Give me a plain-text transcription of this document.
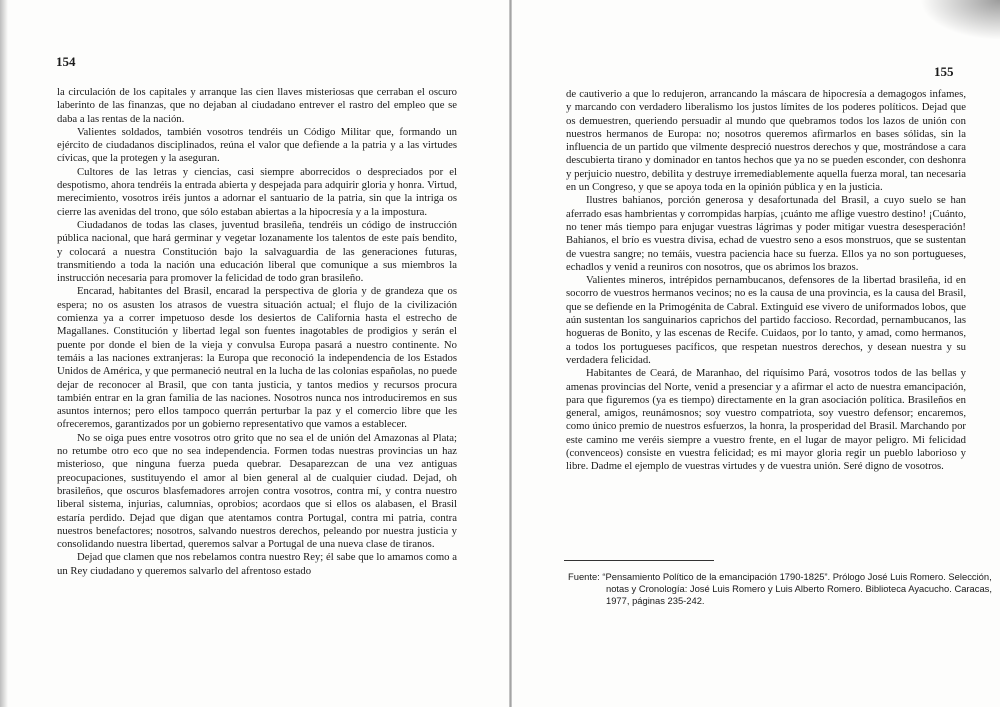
154

la circulación de los capitales y arranque las cien llaves misteriosas que cerraban el oscuro laberinto de las finanzas, que no dejaban al ciudadano entrever el rastro del empleo que se daba a las rentas de la nación.

Valientes soldados, también vosotros tendréis un Código Militar que, formando un ejército de ciudadanos disciplinados, reúna el valor que defiende a la patria y a las virtudes cívicas, que la protegen y la aseguran.

Cultores de las letras y ciencias, casi siempre aborrecidos o despreciados por el despotismo, ahora tendréis la entrada abierta y despejada para adquirir gloria y honra. Virtud, merecimiento, vosotros iréis juntos a adornar el santuario de la patria, sin que la intriga os cierre las avenidas del trono, que sólo estaban abiertas a la hipocresía y a la impostura.

Ciudadanos de todas las clases, juventud brasileña, tendréis un código de instrucción pública nacional, que hará germinar y vegetar lozanamente los talentos de este país bendito, y colocará a nuestra Constitución bajo la salvaguardia de las generaciones futuras, transmitiendo a toda la nación una educación liberal que comunique a sus miembros la instrucción necesaria para promover la felicidad de todo gran brasileño.

Encarad, habitantes del Brasil, encarad la perspectiva de gloria y de grandeza que os espera; no os asusten los atrasos de vuestra situación actual; el flujo de la civilización comienza ya a correr impetuoso desde los desiertos de California hasta el estrecho de Magallanes. Constitución y libertad legal son fuentes inagotables de prodigios y serán el puente por donde el bien de la vieja y convulsa Europa pasará a nuestro continente. No temáis a las naciones extranjeras: la Europa que reconoció la independencia de los Estados Unidos de América, y que permaneció neutral en la lucha de las colonias españolas, no puede dejar de reconocer al Brasil, que con tanta justicia, y tantos medios y recursos procura también entrar en la gran familia de las naciones. Nosotros nunca nos introduciremos en sus asuntos internos; pero ellos tampoco querrán perturbar la paz y el comercio libre que les ofreceremos, garantizados por un gobierno representativo que vamos a establecer.

No se oiga pues entre vosotros otro grito que no sea el de unión del Amazonas al Plata; no retumbe otro eco que no sea independencia. Formen todas nuestras provincias un haz misterioso, que ninguna fuerza pueda quebrar. Desaparezcan de una vez antiguas preocupaciones, sustituyendo el amor al bien general al de cualquier ciudad. Dejad, oh brasileños, que oscuros blasfemadores arrojen contra vosotros, contra mí, y contra nuestro liberal sistema, injurias, calumnias, oprobios; acordaos que si ellos os alabasen, el Brasil estaría perdido. Dejad que digan que atentamos contra Portugal, contra mi patria, contra nuestros benefactores; nosotros, salvando nuestros derechos, peleando por nuestra justicia y consolidando nuestra libertad, queremos salvar a Portugal de una nueva clase de tiranos.

Dejad que clamen que nos rebelamos contra nuestro Rey; él sabe que lo amamos como a un Rey ciudadano y queremos salvarlo del afrentoso estado

155

de cautiverio a que lo redujeron, arrancando la máscara de hipocresía a demagogos infames, y marcando con verdadero liberalismo los justos límites de los poderes políticos. Dejad que os demuestren, queriendo persuadir al mundo que quebramos todos los lazos de unión con nuestros hermanos de Europa: no; nosotros queremos afirmarlos en bases sólidas, sin la influencia de un partido que vilmente despreció nuestros derechos y que, mostrándose a cara descubierta tirano y dominador en tantos hechos que ya no se pueden esconder, con deshonra y perjuicio nuestro, debilita y destruye irremediablemente aquella fuerza moral, tan necesaria en un Congreso, y que se apoya toda en la opinión pública y en la justicia.

Ilustres bahianos, porción generosa y desafortunada del Brasil, a cuyo suelo se han aferrado esas hambrientas y corrompidas harpías, ¡cuánto me aflige vuestro destino! ¡Cuánto, no tener más tiempo para enjugar vuestras lágrimas y poder mitigar vuestra desesperación! Bahianos, el brío es vuestra divisa, echad de vuestro seno a esos monstruos, que se sustentan de vuestra sangre; no temáis, vuestra paciencia hace su fuerza. Ellos ya no son portugueses, echadlos y venid a reuniros con nosotros, que os abrimos los brazos.

Valientes mineros, intrépidos pernambucanos, defensores de la libertad brasileña, id en socorro de vuestros hermanos vecinos; no es la causa de una provincia, es la causa del Brasil, que se defiende en la Primogénita de Cabral. Extinguid ese vivero de uniformados lobos, que aún sustentan los sanguinarios caprichos del partido faccioso. Recordad, pernambucanos, las hogueras de Bonito, y las escenas de Recife. Cuidaos, por lo tanto, y amad, como hermanos, a todos los portugueses pacíficos, que respetan nuestros derechos, y desean nuestra y su verdadera felicidad.

Habitantes de Ceará, de Maranhao, del riquísimo Pará, vosotros todos de las bellas y amenas provincias del Norte, venid a presenciar y a afirmar el acto de nuestra emancipación, para que figuremos (ya es tiempo) directamente en la gran asociación política. Brasileños en general, amigos, reunámosnos; soy vuestro compatriota, soy vuestro defensor; encaremos, como único premio de nuestros esfuerzos, la honra, la prosperidad del Brasil. Marchando por este camino me veréis siempre a vuestro frente, en el lugar de mayor peligro. Mi felicidad (convenceos) consiste en vuestra felicidad; es mi mayor gloria regir un pueblo laborioso y libre. Dadme el ejemplo de vuestras virtudes y de vuestra unión. Seré digno de vosotros.

Fuente: “Pensamiento Político de la emancipación 1790-1825”. Prólogo José Luis Romero. Selección, notas y Cronología: José Luis Romero y Luis Alberto Romero. Biblioteca Ayacucho. Caracas, 1977, páginas 235-242.
